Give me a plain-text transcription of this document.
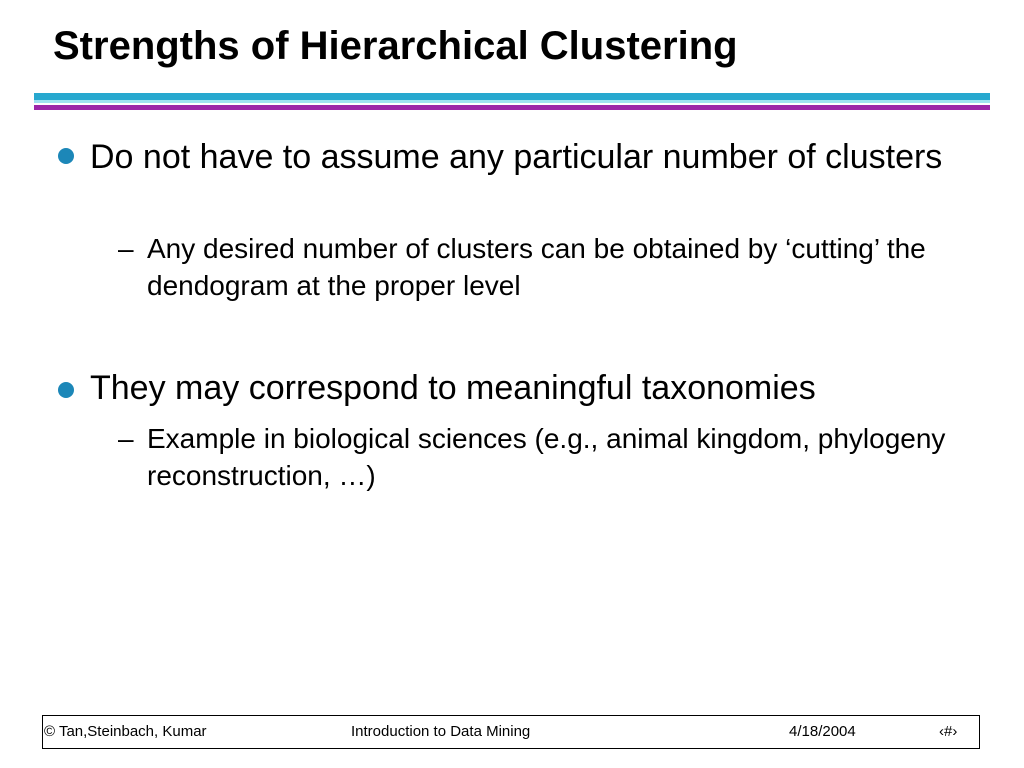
Strengths of Hierarchical Clustering
Do not have to assume any particular number of clusters
– Any desired number of clusters can be obtained by ‘cutting’ the dendogram at the proper level
They may correspond to meaningful taxonomies
– Example in biological sciences (e.g., animal kingdom, phylogeny reconstruction, …)
© Tan,Steinbach, Kumar	Introduction to Data Mining	4/18/2004	‹#›
